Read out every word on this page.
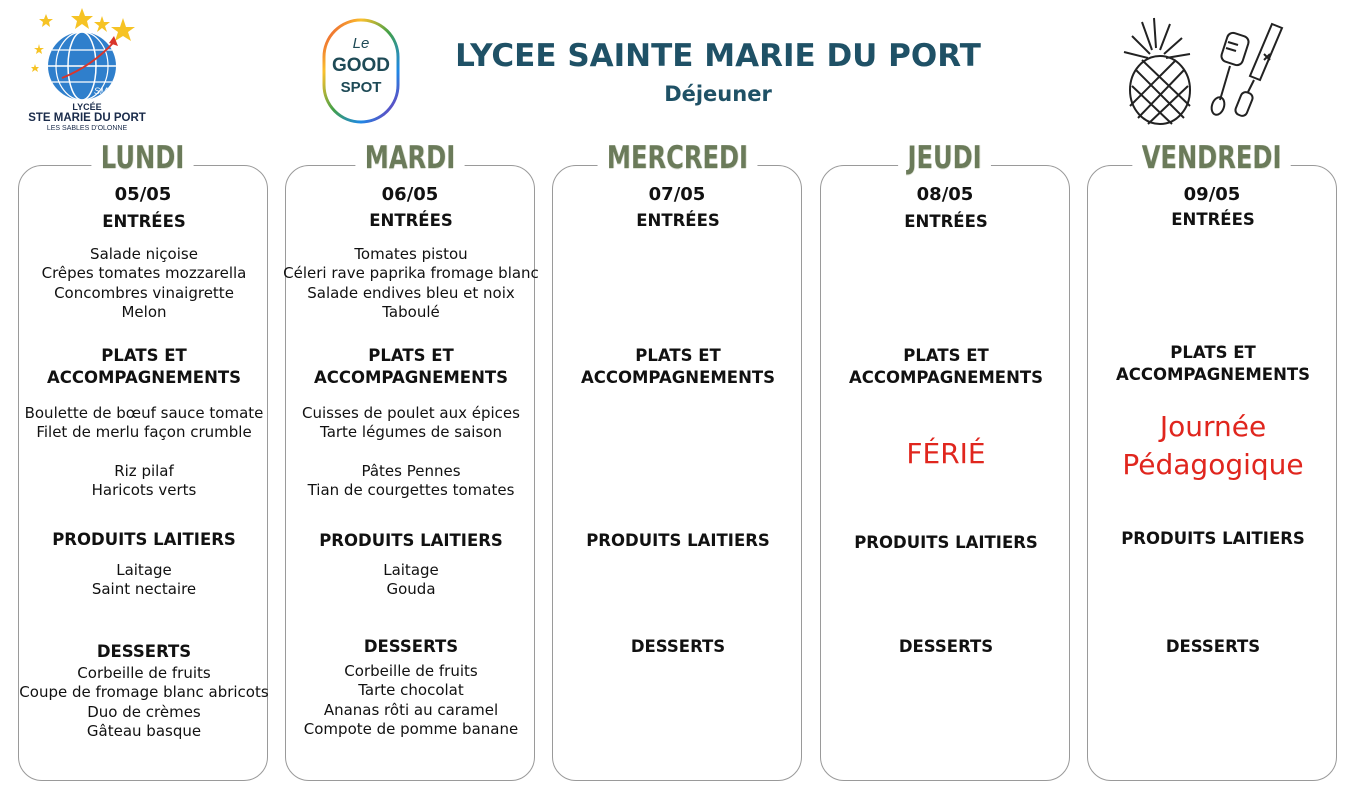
SMP
LYCÉE
STE MARIE DU PORT
LES SABLES D'OLONNE
Le
GOOD
SPOT
LYCEE SAINTE MARIE DU PORT
Déjeuner
LUNDI
05/05
ENTRÉES
Salade niçoise
Crêpes tomates mozzarella
Concombres vinaigrette
Melon
PLATS ET
ACCOMPAGNEMENTS
Boulette de bœuf sauce tomate
Filet de merlu façon crumble
Riz pilaf
Haricots verts
PRODUITS LAITIERS
Laitage
Saint nectaire
DESSERTS
Corbeille de fruits
Coupe de fromage blanc abricots
Duo de crèmes
Gâteau basque
MARDI
06/05
ENTRÉES
Tomates pistou
Céleri rave paprika fromage blanc
Salade endives bleu et noix
Taboulé
PLATS ET
ACCOMPAGNEMENTS
Cuisses de poulet aux épices
Tarte légumes de saison
Pâtes Pennes
Tian de courgettes tomates
PRODUITS LAITIERS
Laitage
Gouda
DESSERTS
Corbeille de fruits
Tarte chocolat
Ananas rôti au caramel
Compote de pomme banane
MERCREDI
07/05
ENTRÉES
PLATS ET
ACCOMPAGNEMENTS
PRODUITS LAITIERS
DESSERTS
JEUDI
08/05
ENTRÉES
PLATS ET
ACCOMPAGNEMENTS
FÉRIÉ
PRODUITS LAITIERS
DESSERTS
VENDREDI
09/05
ENTRÉES
PLATS ET
ACCOMPAGNEMENTS
Journée
Pédagogique
PRODUITS LAITIERS
DESSERTS
